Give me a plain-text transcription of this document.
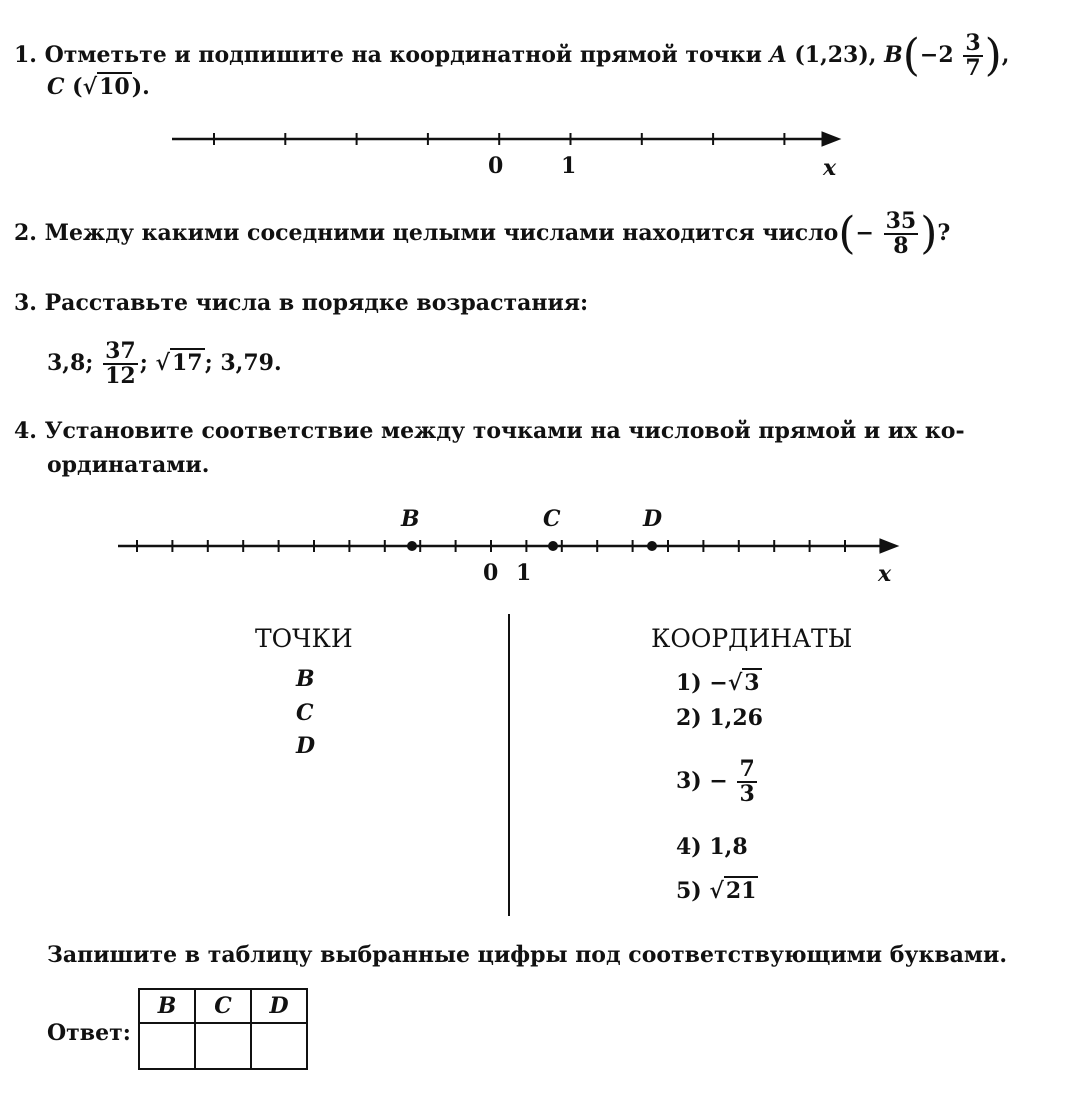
1. Отметьте и подпишите на координатной прямой точки A (1,23), $B(-2 \frac{3}{7}$ ),
C (√10).
0	1	x
2. Между какими соседними целыми числами находится число(− $\frac{35}{8}$ )?
3. Расставьте числа в порядке возрастания:
3,8; $\frac{37}{12}$ ; √17; 3,79.
4. Установите соответствие между точками на числовой прямой и их ко-
ординатами.
B	C	D
0 1	x
ТОЧКИ	КООРДИНАТЫ
B
C
D
1) −√3
2) 1,26
$3) - \frac{7}{3}$
4) 1,8
5) √21
Запишите в таблицу выбранные цифры под соответствующими буквами.
Ответ:
B	C	D
